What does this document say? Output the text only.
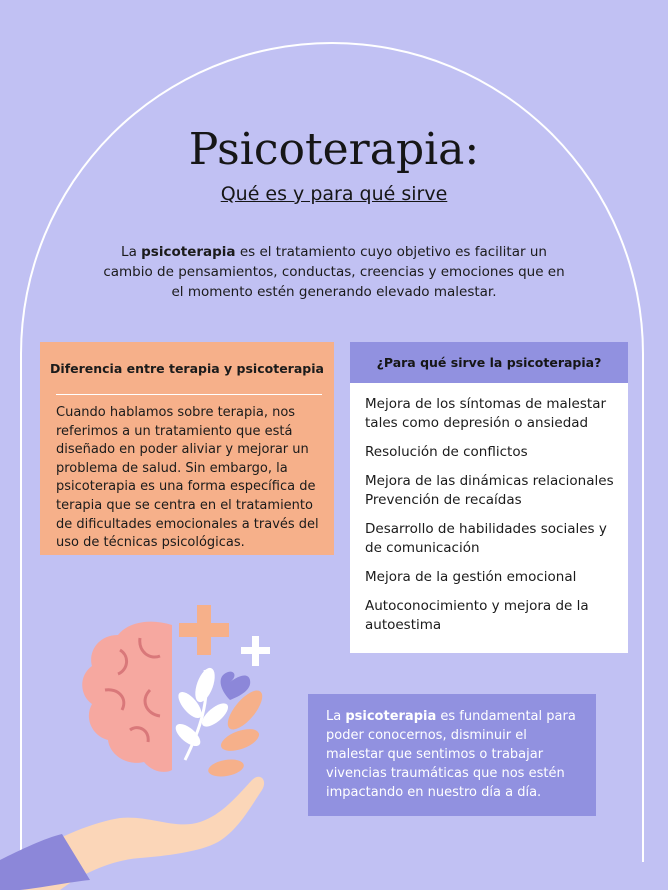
Psicoterapia:
Qué es y para qué sirve
La psicoterapia es el tratamiento cuyo objetivo es facilitar un cambio de pensamientos, conductas, creencias y emociones que en el momento estén generando elevado malestar.
Diferencia entre terapia y psicoterapia

Cuando hablamos sobre terapia, nos referimos a un tratamiento que está diseñado en poder aliviar y mejorar un problema de salud. Sin embargo, la psicoterapia es una forma específica de terapia que se centra en el tratamiento de dificultades emocionales a través del uso de técnicas psicológicas.

¿Para qué sirve la psicoterapia?
Mejora de los síntomas de malestar tales como depresión o ansiedad
Resolución de conflictos
Mejora de las dinámicas relacionales Prevención de recaídas
Desarrollo de habilidades sociales y de comunicación
Mejora de la gestión emocional
Autoconocimiento y mejora de la autoestima

La psicoterapia es fundamental para poder conocernos, disminuir el malestar que sentimos o trabajar vivencias traumáticas que nos estén impactando en nuestro día a día.
